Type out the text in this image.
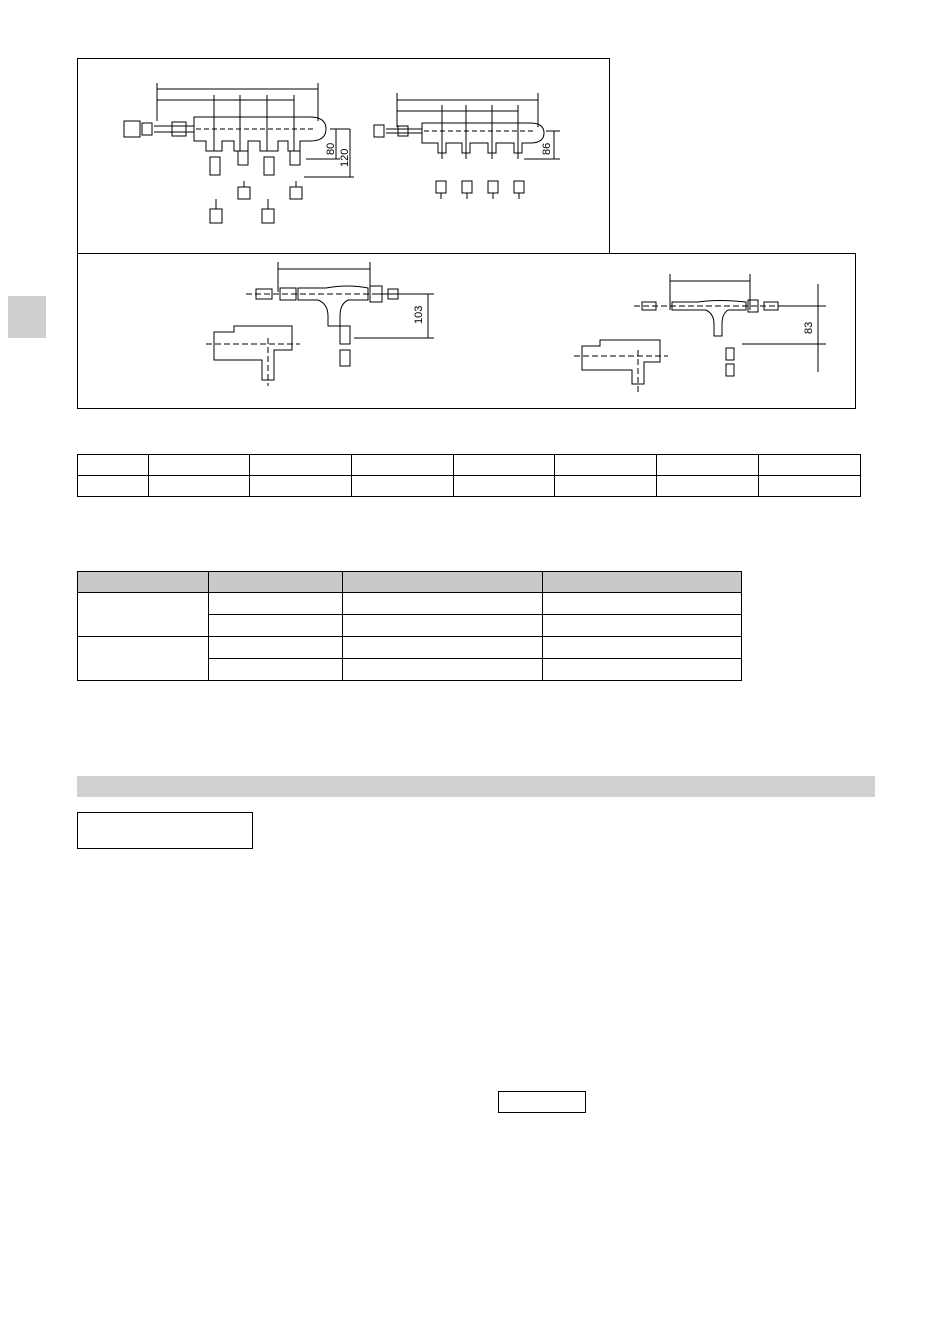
120
80	86
103
83
